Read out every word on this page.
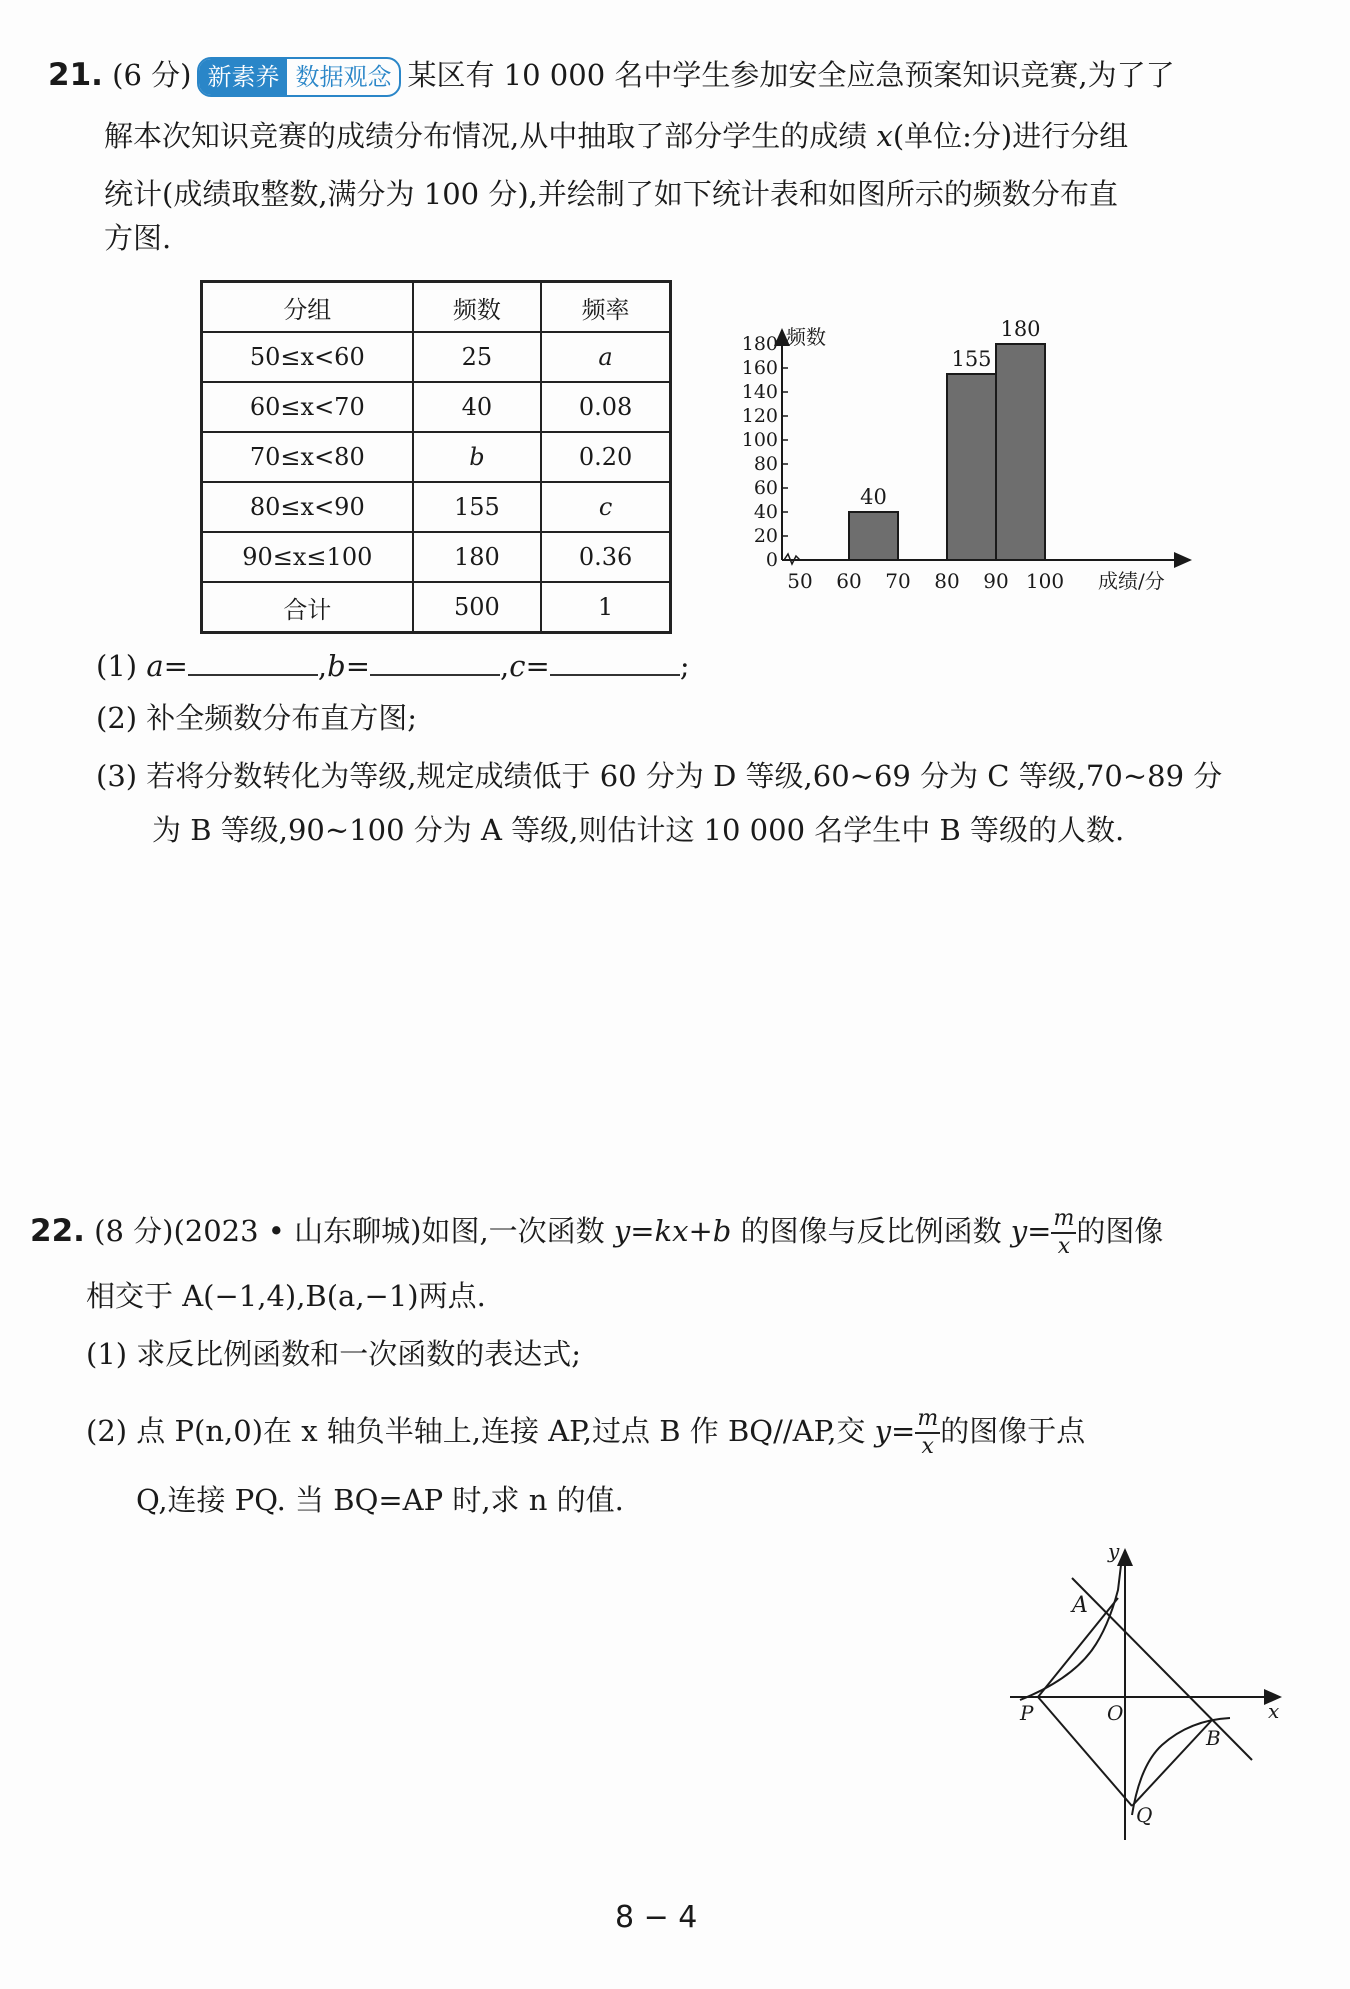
21. (6 分) 新素养 数据观念 某区有 10 000 名中学生参加安全应急预案知识竞赛,为了了
解本次知识竞赛的成绩分布情况,从中抽取了部分学生的成绩 x(单位:分)进行分组
统计(成绩取整数,满分为 100 分),并绘制了如下统计表和如图所示的频数分布直
方图.
分组	频数	频率
50≤x<60	25	a
60≤x<70	40	0.08
70≤x<80	b	0.20
80≤x<90	155	c
90≤x≤100	180	0.36
合计	500	1
0
20
40
60
80
100
120
140
160
180
50 60 70 80 90 100
40
155
180
频数
成绩/分
(1) a=	,b=	,c=	;
(2) 补全频数分布直方图;
(3) 若将分数转化为等级,规定成绩低于 60 分为 D 等级,60~69 分为 C 等级,70~89 分
为 B 等级,90~100 分为 A 等级,则估计这 10 000 名学生中 B 等级的人数.
22. (8 分)(2023 • 山东聊城)如图,一次函数 y=kx+b 的图像与反比例函数 $y= \frac{m}{x}$ 的图像
相交于 A(−1,4),B(a,−1)两点.
(1) 求反比例函数和一次函数的表达式;
(2) 点 P(n,0)在 x 轴负半轴上,连接 AP,过点 B 作 BQ//AP,交 $y= \frac{m}{x}$ 的图像于点
Q,连接 PQ. 当 BQ=AP 时,求 n 的值.
y
x
A
O
P
B
Q
8 − 4
